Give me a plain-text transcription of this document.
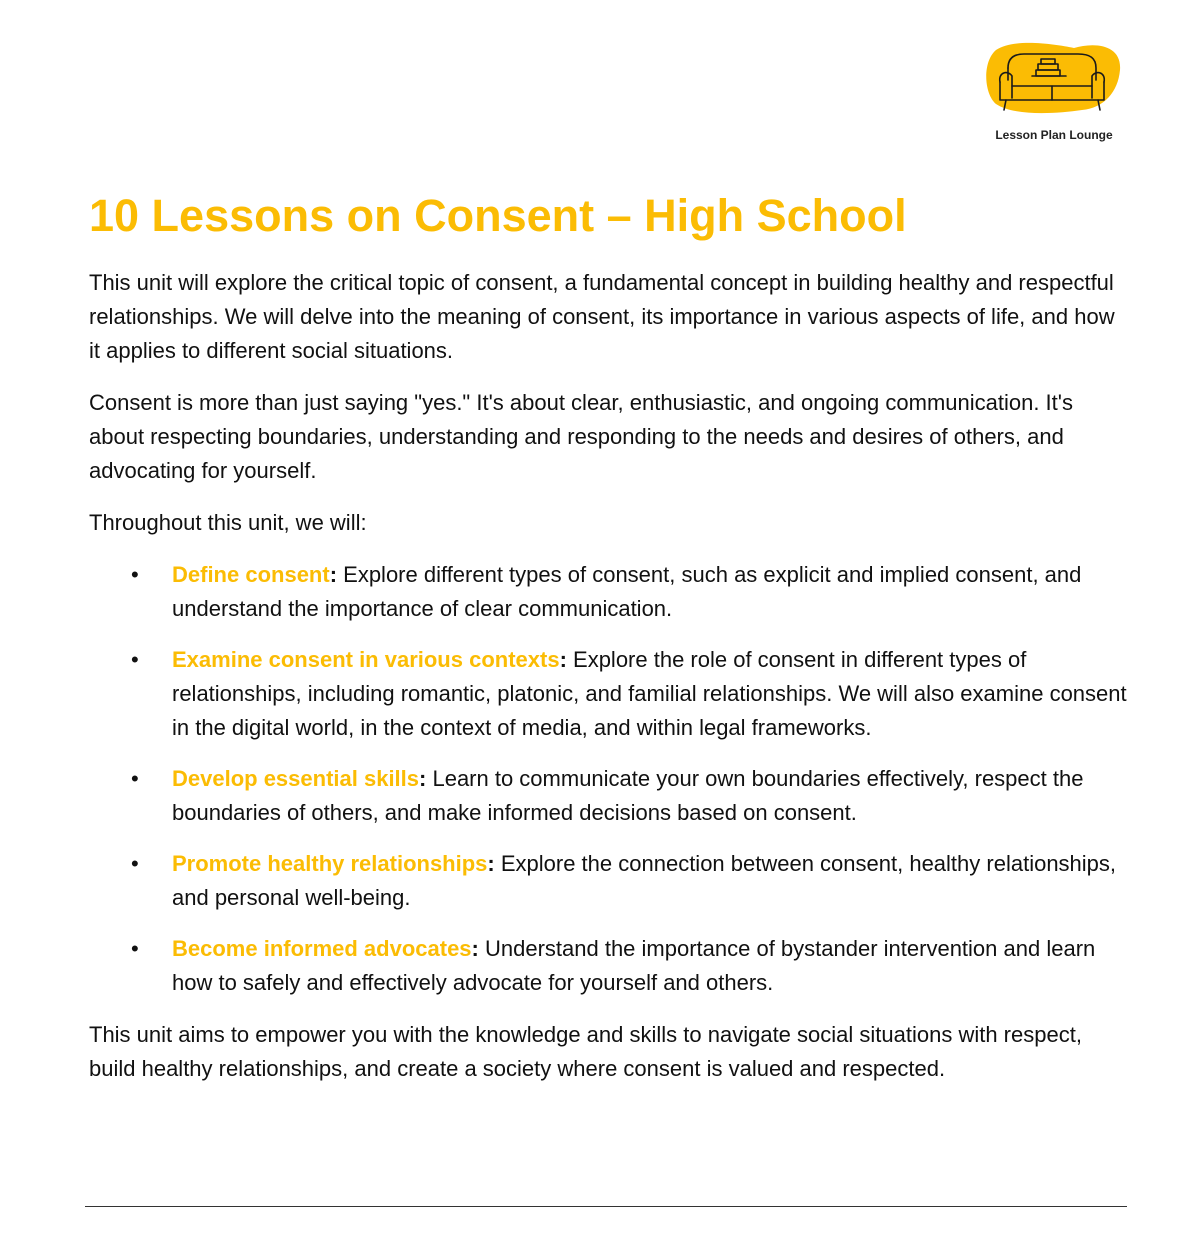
Lesson Plan Lounge
10 Lessons on Consent – High School

This unit will explore the critical topic of consent, a fundamental concept in building healthy and respectful relationships. We will delve into the meaning of consent, its importance in various aspects of life, and how it applies to different social situations.

Consent is more than just saying "yes." It's about clear, enthusiastic, and ongoing communication. It's about respecting boundaries, understanding and responding to the needs and desires of others, and advocating for yourself.

Throughout this unit, we will:

• Define consent: Explore different types of consent, such as explicit and implied consent, and understand the importance of clear communication.
• Examine consent in various contexts: Explore the role of consent in different types of relationships, including romantic, platonic, and familial relationships. We will also examine consent in the digital world, in the context of media, and within legal frameworks.
• Develop essential skills: Learn to communicate your own boundaries effectively, respect the boundaries of others, and make informed decisions based on consent.
• Promote healthy relationships: Explore the connection between consent, healthy relationships, and personal well-being.
• Become informed advocates: Understand the importance of bystander intervention and learn how to safely and effectively advocate for yourself and others.

This unit aims to empower you with the knowledge and skills to navigate social situations with respect, build healthy relationships, and create a society where consent is valued and respected.
